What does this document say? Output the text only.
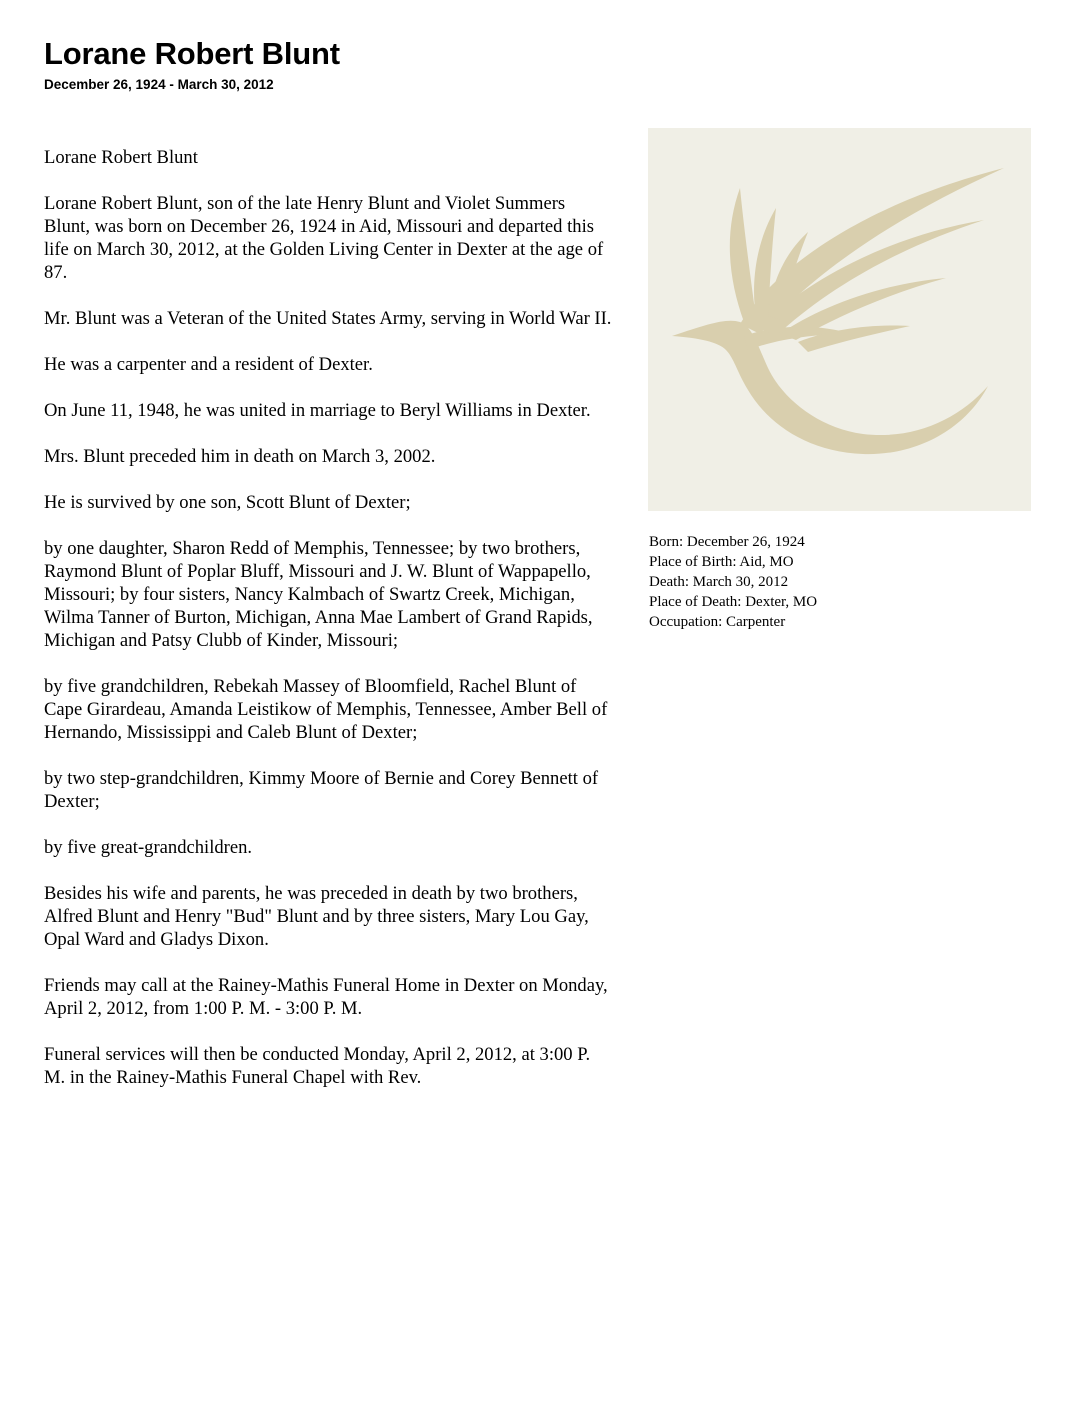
Lorane Robert Blunt
December 26, 1924 - March 30, 2012

Lorane Robert Blunt

Lorane Robert Blunt, son of the late Henry Blunt and Violet Summers Blunt, was born on December 26, 1924 in Aid, Missouri and departed this life on March 30, 2012, at the Golden Living Center in Dexter at the age of 87.

Mr. Blunt was a Veteran of the United States Army, serving in World War II.

He was a carpenter and a resident of Dexter.

On June 11, 1948, he was united in marriage to Beryl Williams in Dexter.

Mrs. Blunt preceded him in death on March 3, 2002.

He is survived by one son, Scott Blunt of Dexter;

by one daughter, Sharon Redd of Memphis, Tennessee; by two brothers, Raymond Blunt of Poplar Bluff, Missouri and J. W. Blunt of Wappapello, Missouri; by four sisters, Nancy Kalmbach of Swartz Creek, Michigan, Wilma Tanner of Burton, Michigan, Anna Mae Lambert of Grand Rapids, Michigan and Patsy Clubb of Kinder, Missouri;

by five grandchildren, Rebekah Massey of Bloomfield, Rachel Blunt of Cape Girardeau, Amanda Leistikow of Memphis, Tennessee, Amber Bell of Hernando, Mississippi and Caleb Blunt of Dexter;

by two step-grandchildren, Kimmy Moore of Bernie and Corey Bennett of Dexter;

by five great-grandchildren.

Besides his wife and parents, he was preceded in death by two brothers, Alfred Blunt and Henry "Bud" Blunt and by three sisters, Mary Lou Gay, Opal Ward and Gladys Dixon.

Friends may call at the Rainey-Mathis Funeral Home in Dexter on Monday, April 2, 2012, from 1:00 P. M. - 3:00 P. M.

Funeral services will then be conducted Monday, April 2, 2012, at 3:00 P. M. in the Rainey-Mathis Funeral Chapel with Rev.

Born: December 26, 1924
Place of Birth: Aid, MO
Death: March 30, 2012
Place of Death: Dexter, MO
Occupation: Carpenter
